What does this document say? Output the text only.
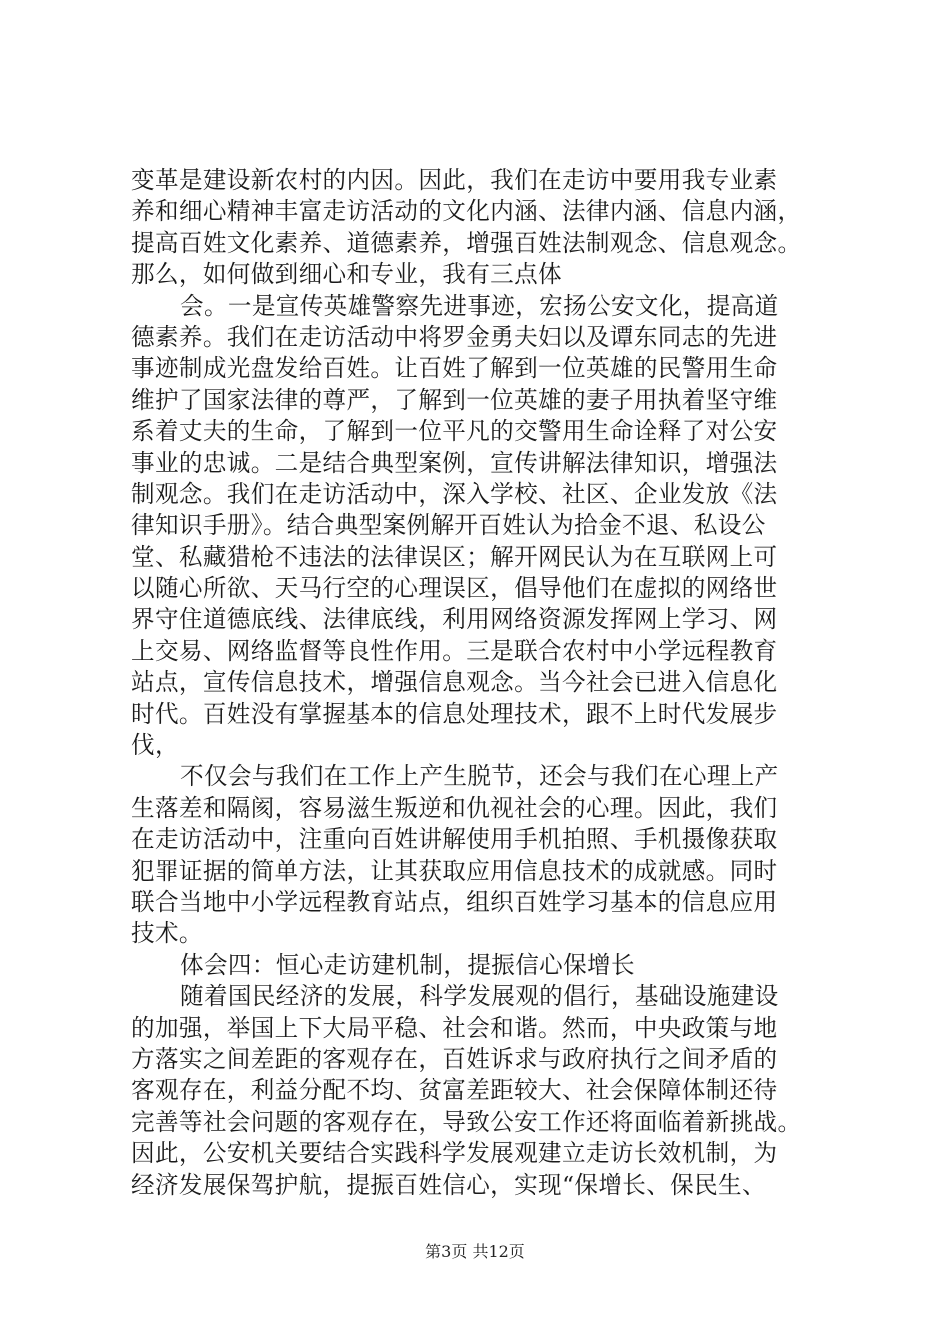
变革是建设新农村的内因。因此，我们在走访中要用我专业素
养和细心精神丰富走访活动的文化内涵、法律内涵、信息内涵，
提高百姓文化素养、道德素养，增强百姓法制观念、信息观念。
那么，如何做到细心和专业，我有三点体
会。一是宣传英雄警察先进事迹，宏扬公安文化，提高道
德素养。我们在走访活动中将罗金勇夫妇以及谭东同志的先进
事迹制成光盘发给百姓。让百姓了解到一位英雄的民警用生命
维护了国家法律的尊严，了解到一位英雄的妻子用执着坚守维
系着丈夫的生命，了解到一位平凡的交警用生命诠释了对公安
事业的忠诚。二是结合典型案例，宣传讲解法律知识，增强法
制观念。我们在走访活动中，深入学校、社区、企业发放《法
律知识手册》。结合典型案例解开百姓认为拾金不退、私设公
堂、私藏猎枪不违法的法律误区；解开网民认为在互联网上可
以随心所欲、天马行空的心理误区，倡导他们在虚拟的网络世
界守住道德底线、法律底线，利用网络资源发挥网上学习、网
上交易、网络监督等良性作用。三是联合农村中小学远程教育
站点，宣传信息技术，增强信息观念。当今社会已进入信息化
时代。百姓没有掌握基本的信息处理技术，跟不上时代发展步
伐，
不仅会与我们在工作上产生脱节，还会与我们在心理上产
生落差和隔阂，容易滋生叛逆和仇视社会的心理。因此，我们
在走访活动中，注重向百姓讲解使用手机拍照、手机摄像获取
犯罪证据的简单方法，让其获取应用信息技术的成就感。同时
联合当地中小学远程教育站点，组织百姓学习基本的信息应用
技术。
体会四：恒心走访建机制，提振信心保增长
随着国民经济的发展，科学发展观的倡行，基础设施建设
的加强，举国上下大局平稳、社会和谐。然而，中央政策与地
方落实之间差距的客观存在，百姓诉求与政府执行之间矛盾的
客观存在，利益分配不均、贫富差距较大、社会保障体制还待
完善等社会问题的客观存在，导致公安工作还将面临着新挑战。
因此，公安机关要结合实践科学发展观建立走访长效机制，为
经济发展保驾护航，提振百姓信心，实现“保增长、保民生、
第3页 共12页
